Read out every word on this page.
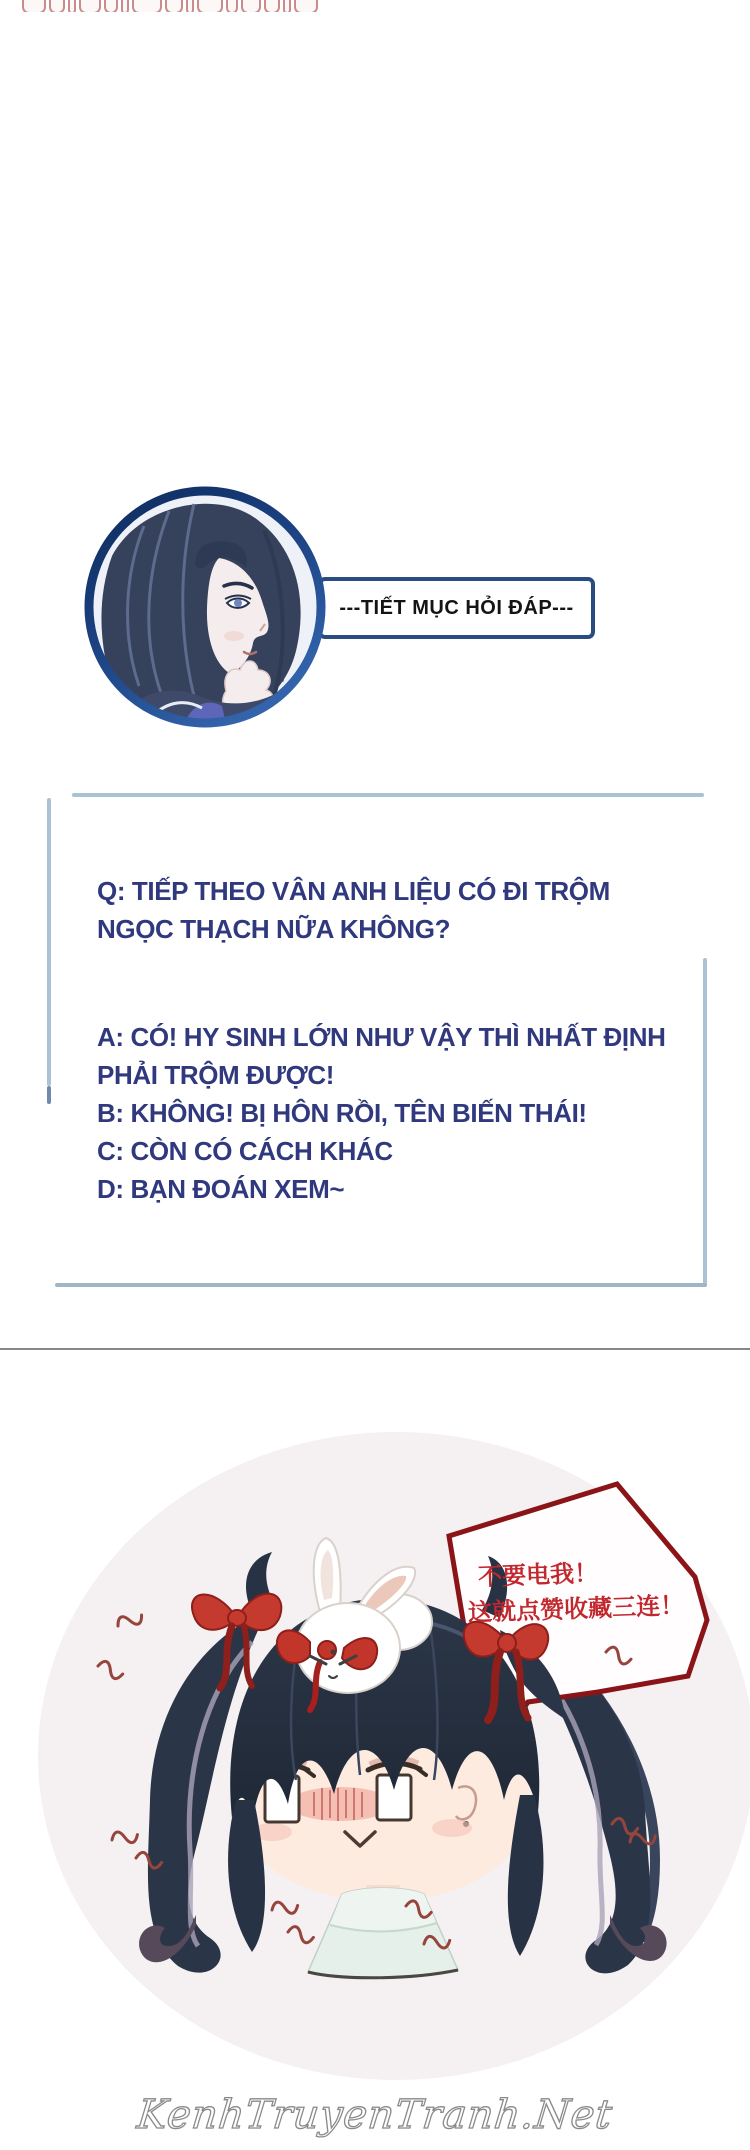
---TIẾT MỤC HỎI ĐÁP---
Q: TIẾP THEO VÂN ANH LIỆU CÓ ĐI TRỘM
NGỌC THẠCH NỮA KHÔNG?
A: CÓ! HY SINH LỚN NHƯ VẬY THÌ NHẤT ĐỊNH
PHẢI TRỘM ĐƯỢC!
B: KHÔNG! BỊ HÔN RỒI, TÊN BIẾN THÁI!
C: CÒN CÓ CÁCH KHÁC
D: BẠN ĐOÁN XEM~
不要电我！
这就点赞收藏三连！
KenhTruyenTranh.Net
